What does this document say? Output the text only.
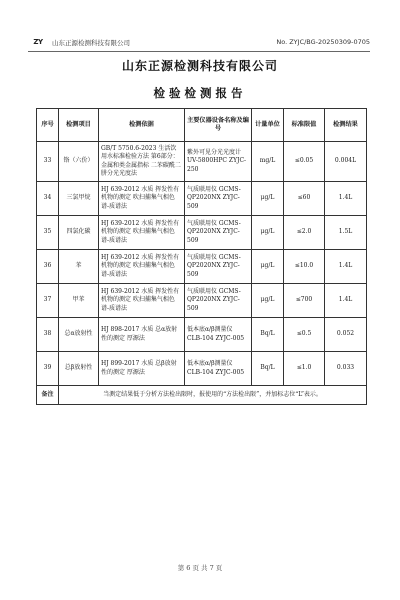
ZY	山东正源检测科技有限公司	No. ZYJC/BG-20250309-0705
山东正源检测科技有限公司
检验检测报告
序号	检测项目	检测依据	主要仪器设备名称及编号	计量单位	标准限值	检测结果
33	铬（六价）	GB/T 5750.6-2023 生活饮用水标准检验方法 第6部分：金属和类金属指标 二苯碳酰二肼分光光度法	紫外可见分光光度计 UV-5800HPC ZYJC-250	mg/L	≤0.05	0.004L
34	三氯甲烷	HJ 639-2012 水质 挥发性有机物的测定 吹扫捕集气相色谱-质谱法	气质联用仪 GCMS-QP2020NX ZYJC-509	μg/L	≤60	1.4L
35	四氯化碳	HJ 639-2012 水质 挥发性有机物的测定 吹扫捕集气相色谱-质谱法	气质联用仪 GCMS-QP2020NX ZYJC-509	μg/L	≤2.0	1.5L
36	苯	HJ 639-2012 水质 挥发性有机物的测定 吹扫捕集气相色谱-质谱法	气质联用仪 GCMS-QP2020NX ZYJC-509	μg/L	≤10.0	1.4L
37	甲苯	HJ 639-2012 水质 挥发性有机物的测定 吹扫捕集气相色谱-质谱法	气质联用仪 GCMS-QP2020NX ZYJC-509	μg/L	≤700	1.4L
38	总α放射性	HJ 898-2017 水质 总α放射性的测定 厚源法	低本底α/β测量仪 CLB-104 ZYJC-005	Bq/L	≤0.5	0.052
39	总β放射性	HJ 899-2017 水质 总β放射性的测定 厚源法	低本底α/β测量仪 CLB-104 ZYJC-005	Bq/L	≤1.0	0.033
备注	当测定结果低于分析方法检出限时，报使用的“方法检出限”，并加标志位“L”表示。					
第 6 页 共 7 页
